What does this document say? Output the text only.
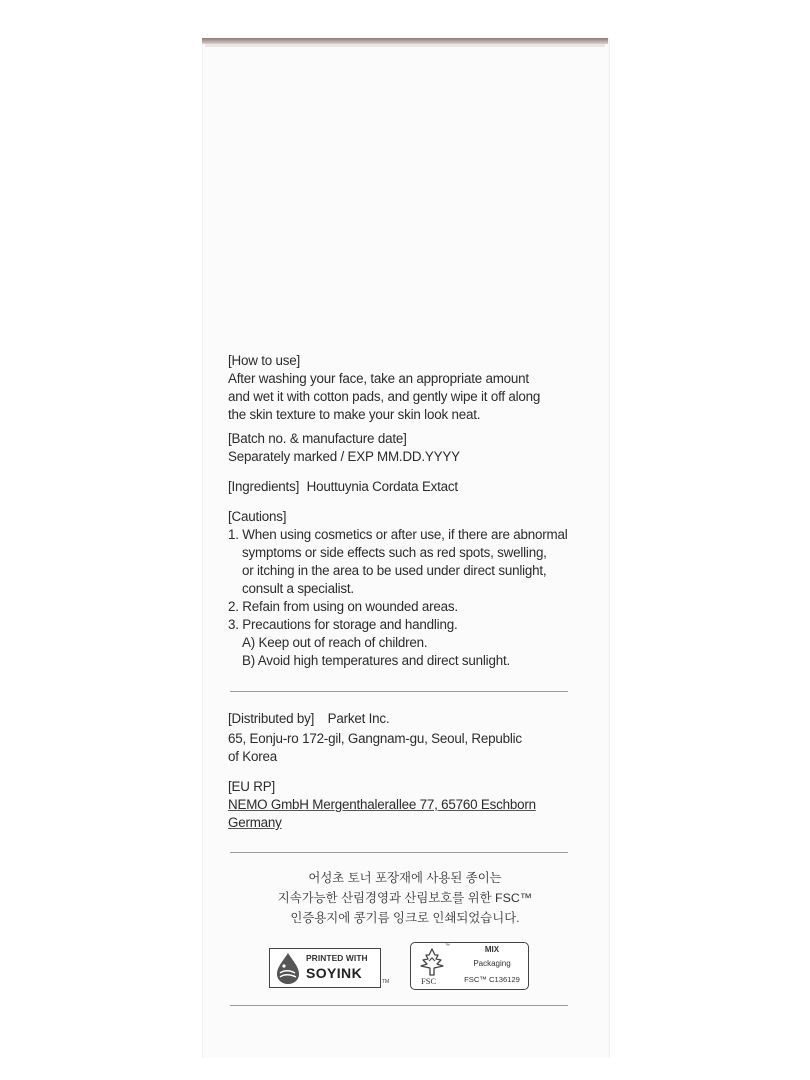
[How to use]
After washing your face, take an appropriate amount
and wet it with cotton pads, and gently wipe it off along
the skin texture to make your skin look neat.
[Batch no. & manufacture date]
Separately marked / EXP MM.DD.YYYY
[Ingredients] Houttuynia Cordata Extact
[Cautions]
1. When using cosmetics or after use, if there are abnormal
symptoms or side effects such as red spots, swelling,
or itching in the area to be used under direct sunlight,
consult a specialist.
2. Refain from using on wounded areas.
3. Precautions for storage and handling.
A) Keep out of reach of children.
B) Avoid high temperatures and direct sunlight.
[Distributed by] Parket Inc.
65, Eonju-ro 172-gil, Gangnam-gu, Seoul, Republic
of Korea
[EU RP]
NEMO GmbH Mergenthalerallee 77, 65760 Eschborn
Germany
어성초 토너 포장재에 사용된 종이는
지속가능한 산림경영과 산림보호를 위한 FSC™
인증용지에 콩기름 잉크로 인쇄되었습니다.
PRINTED WITH
SOYINK
TM
™
FSC
MIX
Packaging
FSC™ C136129
